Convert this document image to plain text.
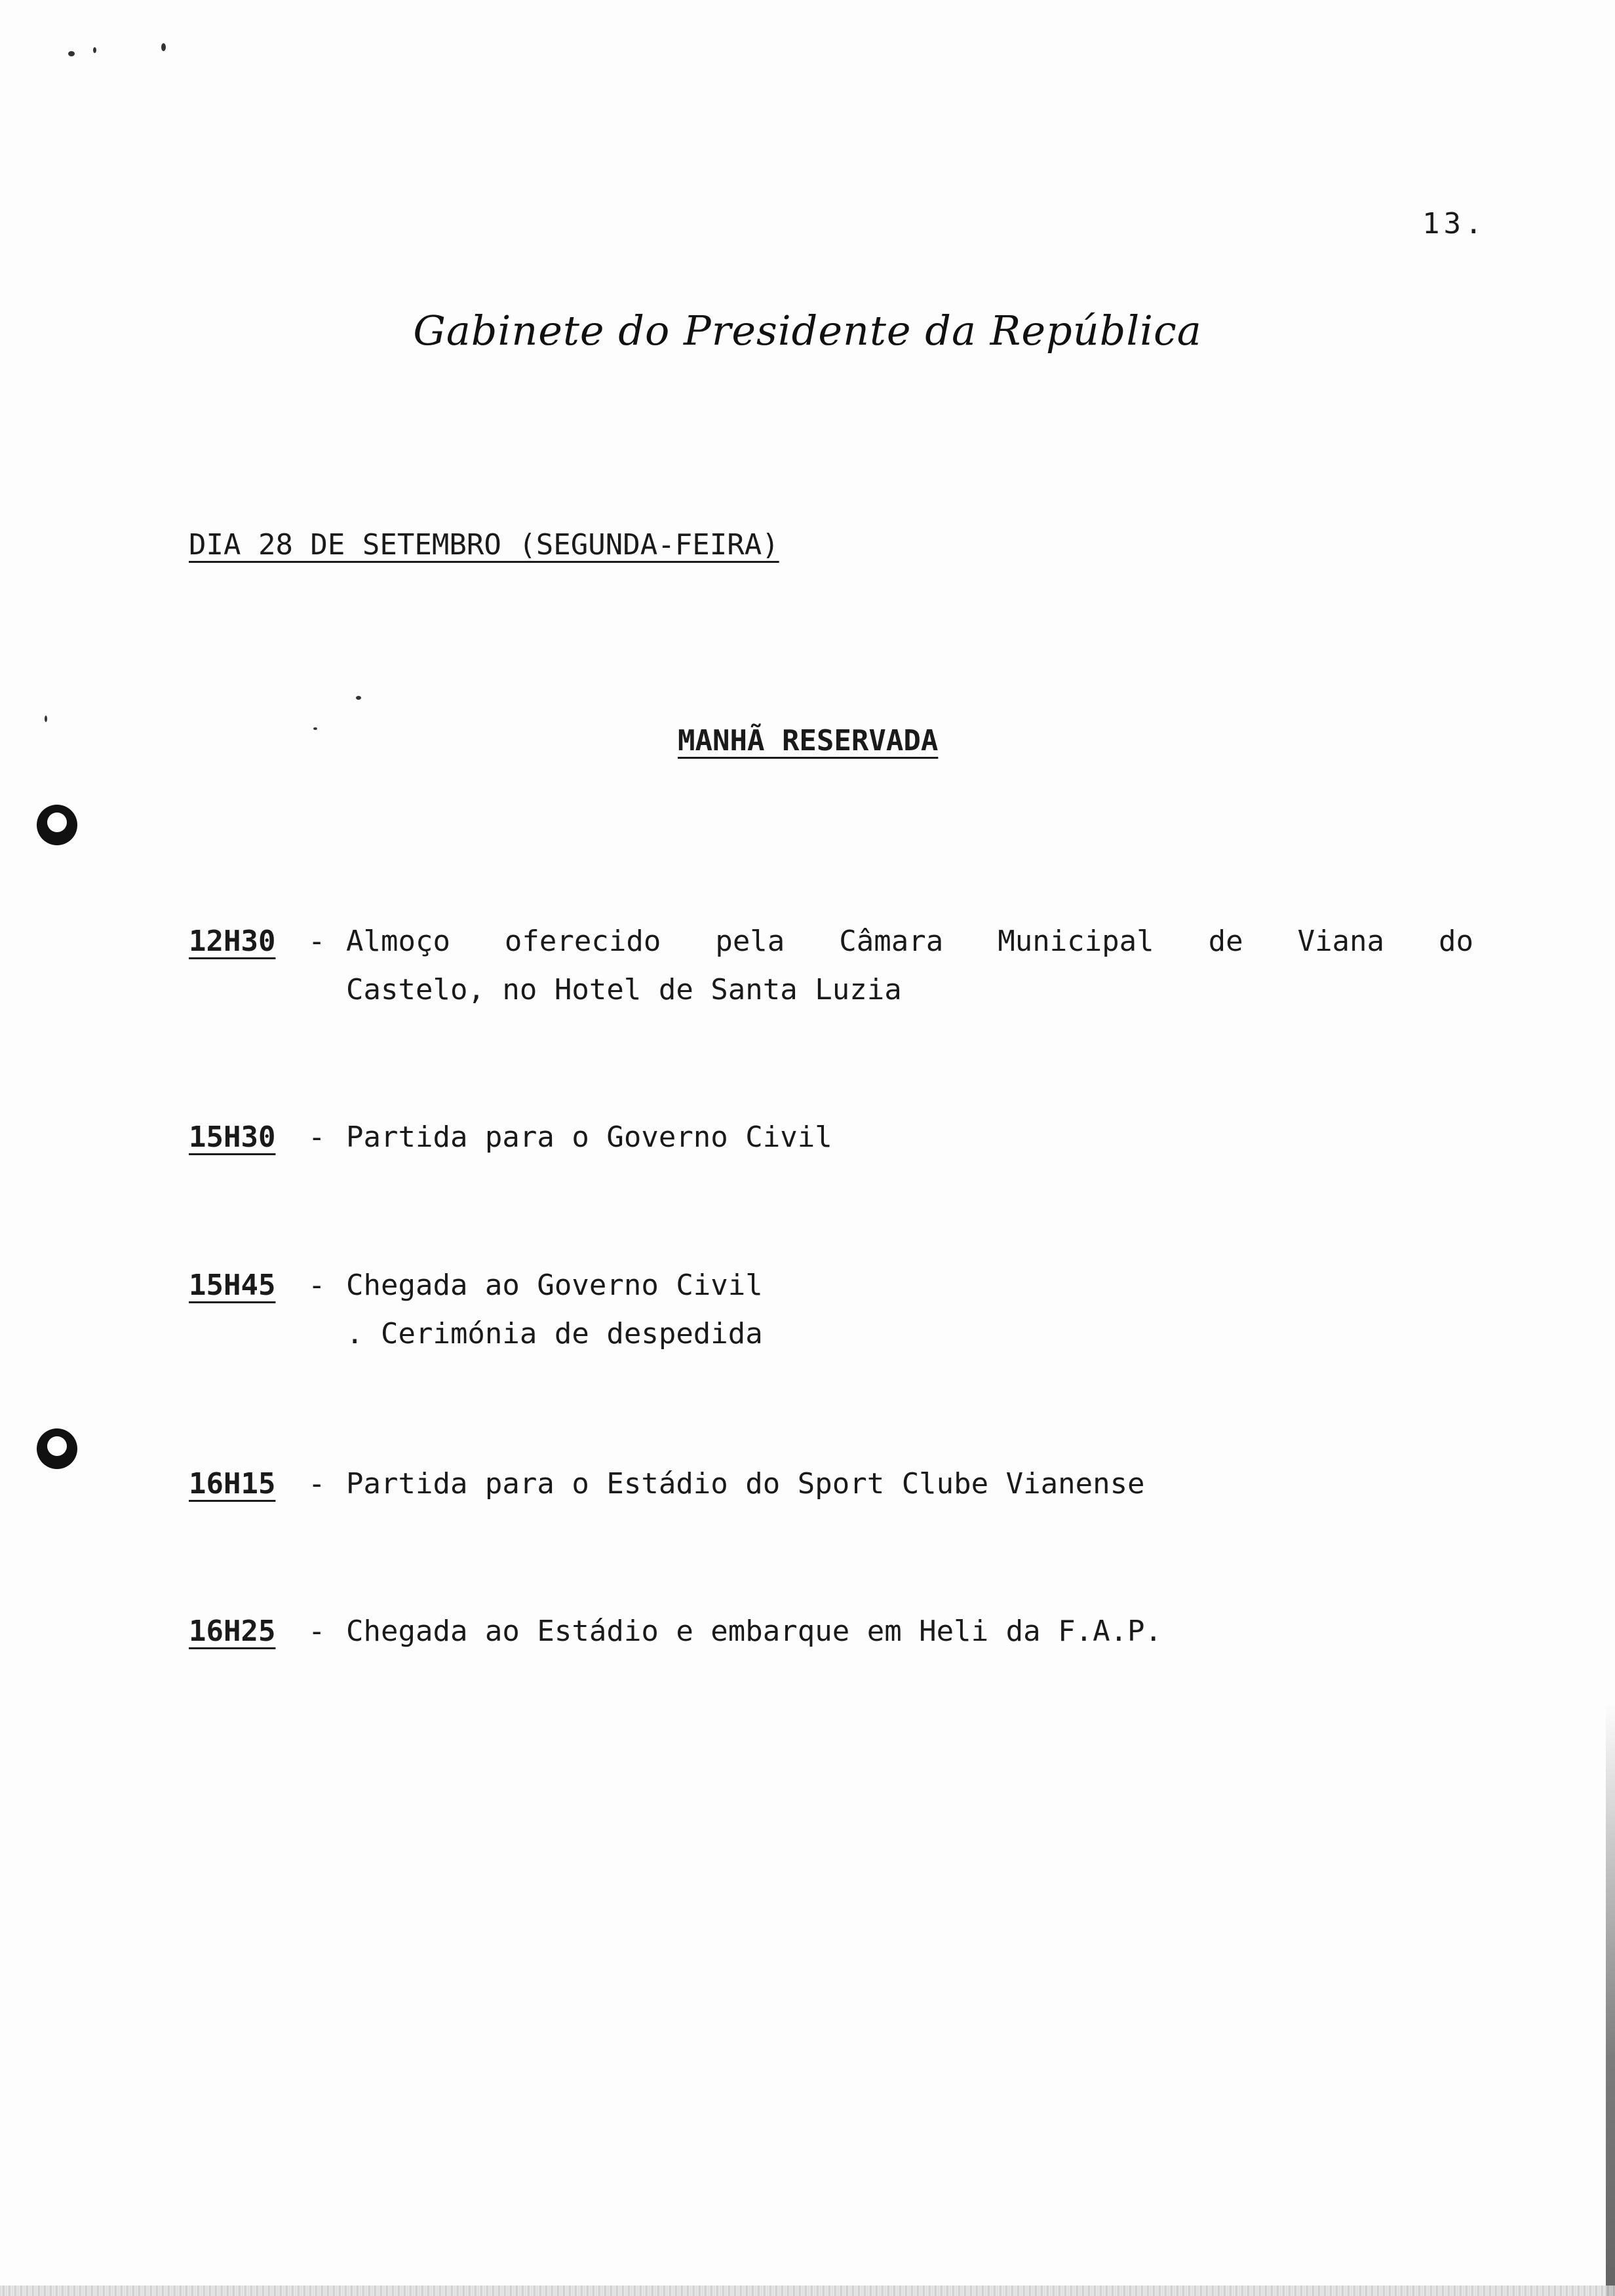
13.
Gabinete do Presidente da República
DIA 28 DE SETEMBRO (SEGUNDA-FEIRA)
MANHÃ RESERVADA
12H30 - Almoço oferecido pela Câmara Municipal de Viana do
Castelo, no Hotel de Santa Luzia
15H30 - Partida para o Governo Civil
15H45 - Chegada ao Governo Civil
. Cerimónia de despedida
16H15 - Partida para o Estádio do Sport Clube Vianense
16H25 - Chegada ao Estádio e embarque em Heli da F.A.P.
